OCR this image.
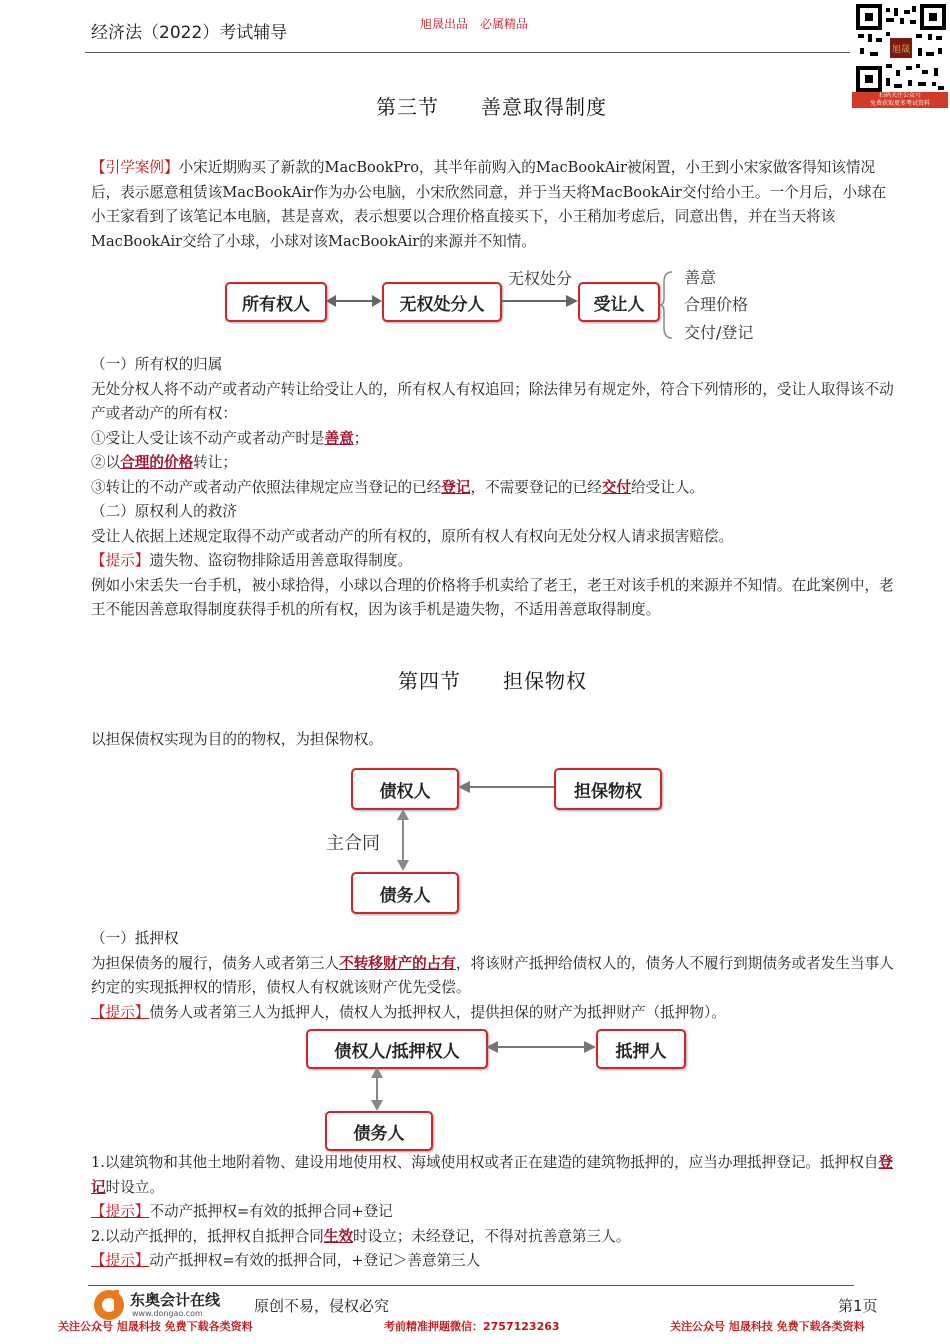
经济法（2022）考试辅导	旭晟出品　必属精品
旭晟
扫码关注公众号
免费获取更多考试资料
第三节　　善意取得制度
【引学案例】小宋近期购买了新款的MacBookPro，其半年前购入的MacBookAir被闲置，小王到小宋家做客得知该情况后，表示愿意租赁该MacBookAir作为办公电脑，小宋欣然同意，并于当天将MacBookAir交付给小王。一个月后，小球在小王家看到了该笔记本电脑，甚是喜欢，表示想要以合理价格直接买下，小王稍加考虑后，同意出售，并在当天将该MacBookAir交给了小球，小球对该MacBookAir的来源并不知情。
所有权人	无权处分人	受让人
无权处分	善意
合理价格
交付/登记
（一）所有权的归属
无处分权人将不动产或者动产转让给受让人的，所有权人有权追回；除法律另有规定外，符合下列情形的，受让人取得该不动产或者动产的所有权：
①受让人受让该不动产或者动产时是善意；
②以合理的价格转让；
③转让的不动产或者动产依照法律规定应当登记的已经登记，不需要登记的已经交付给受让人。
（二）原权利人的救济
受让人依据上述规定取得不动产或者动产的所有权的，原所有权人有权向无处分权人请求损害赔偿。
【提示】遗失物、盗窃物排除适用善意取得制度。
例如小宋丢失一台手机，被小球拾得，小球以合理的价格将手机卖给了老王，老王对该手机的来源并不知情。在此案例中，老王不能因善意取得制度获得手机的所有权，因为该手机是遗失物，不适用善意取得制度。
第四节　　担保物权
以担保债权实现为目的的物权，为担保物权。
债权人	担保物权
债务人
主合同
（一）抵押权
为担保债务的履行，债务人或者第三人不转移财产的占有，将该财产抵押给债权人的，债务人不履行到期债务或者发生当事人约定的实现抵押权的情形，债权人有权就该财产优先受偿。
【提示】债务人或者第三人为抵押人，债权人为抵押权人，提供担保的财产为抵押财产（抵押物）。
债权人/抵押权人	抵押人
债务人
1.以建筑物和其他土地附着物、建设用地使用权、海域使用权或者正在建造的建筑物抵押的，应当办理抵押登记。抵押权自登记时设立。
【提示】不动产抵押权=有效的抵押合同+登记
2.以动产抵押的，抵押权自抵押合同生效时设立；未经登记，不得对抗善意第三人。
【提示】动产抵押权=有效的抵押合同，+登记＞善意第三人
东奥会计在线
www.dongao.com	原创不易，侵权必究	第1页
关注公众号 旭晟科技 免费下载各类资料	考前精准押题微信：2757123263	关注公众号 旭晟科技 免费下载各类资料
